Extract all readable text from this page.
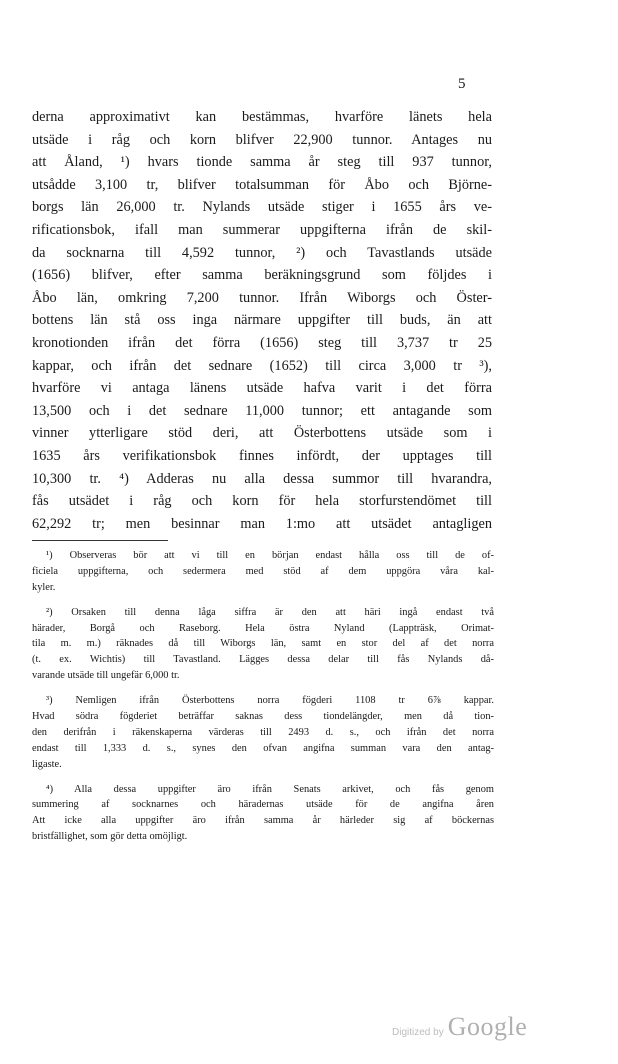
5
derna approximativt kan bestämmas, hvarföre länets hela
utsäde i råg och korn blifver 22,900 tunnor. Antages nu
att Åland, ¹) hvars tionde samma år steg till 937 tunnor,
utsådde 3,100 tr, blifver totalsumman för Åbo och Björne-
borgs län 26,000 tr. Nylands utsäde stiger i 1655 års ve-
rificationsbok, ifall man summerar uppgifterna ifrån de skil-
da socknarna till 4,592 tunnor, ²) och Tavastlands utsäde
(1656) blifver, efter samma beräkningsgrund som följdes i
Åbo län, omkring 7,200 tunnor. Ifrån Wiborgs och Öster-
bottens län stå oss inga närmare uppgifter till buds, än att
kronotionden ifrån det förra (1656) steg till 3,737 tr 25
kappar, och ifrån det sednare (1652) till circa 3,000 tr ³),
hvarföre vi antaga länens utsäde hafva varit i det förra
13,500 och i det sednare 11,000 tunnor; ett antagande som
vinner ytterligare stöd deri, att Österbottens utsäde som i
1635 års verifikationsbok finnes infördt, der upptages till
10,300 tr. ⁴) Adderas nu alla dessa summor till hvarandra,
fås utsädet i råg och korn för hela storfurstendömet till
62,292 tr; men besinnar man 1:mo att utsädet antagligen
¹) Observeras bör att vi till en början endast hålla oss till de of-
ficiela uppgifterna, och sedermera med stöd af dem uppgöra våra kal-
kyler.
²) Orsaken till denna låga siffra är den att häri ingå endast två
härader, Borgå och Raseborg. Hela östra Nyland (Lappträsk, Orimat-
tila m. m.) räknades då till Wiborgs län, samt en stor del af det norra
(t. ex. Wichtis) till Tavastland. Lägges dessa delar till fås Nylands då-
varande utsäde till ungefär 6,000 tr.
³) Nemligen ifrån Österbottens norra fögderi 1108 tr 6⅞ kappar.
Hvad södra fögderiet beträffar saknas dess tiondelängder, men då tion-
den derifrån i räkenskaperna värderas till 2493 d. s., och ifrån det norra
endast till 1,333 d. s., synes den ofvan angifna summan vara den antag-
ligaste.
⁴) Alla dessa uppgifter äro ifrån Senats arkivet, och fås genom
summering af socknarnes och häradernas utsäde för de angifna åren
Att icke alla uppgifter äro ifrån samma år härleder sig af böckernas
bristfällighet, som gör detta omöjligt.
Digitized by Google
